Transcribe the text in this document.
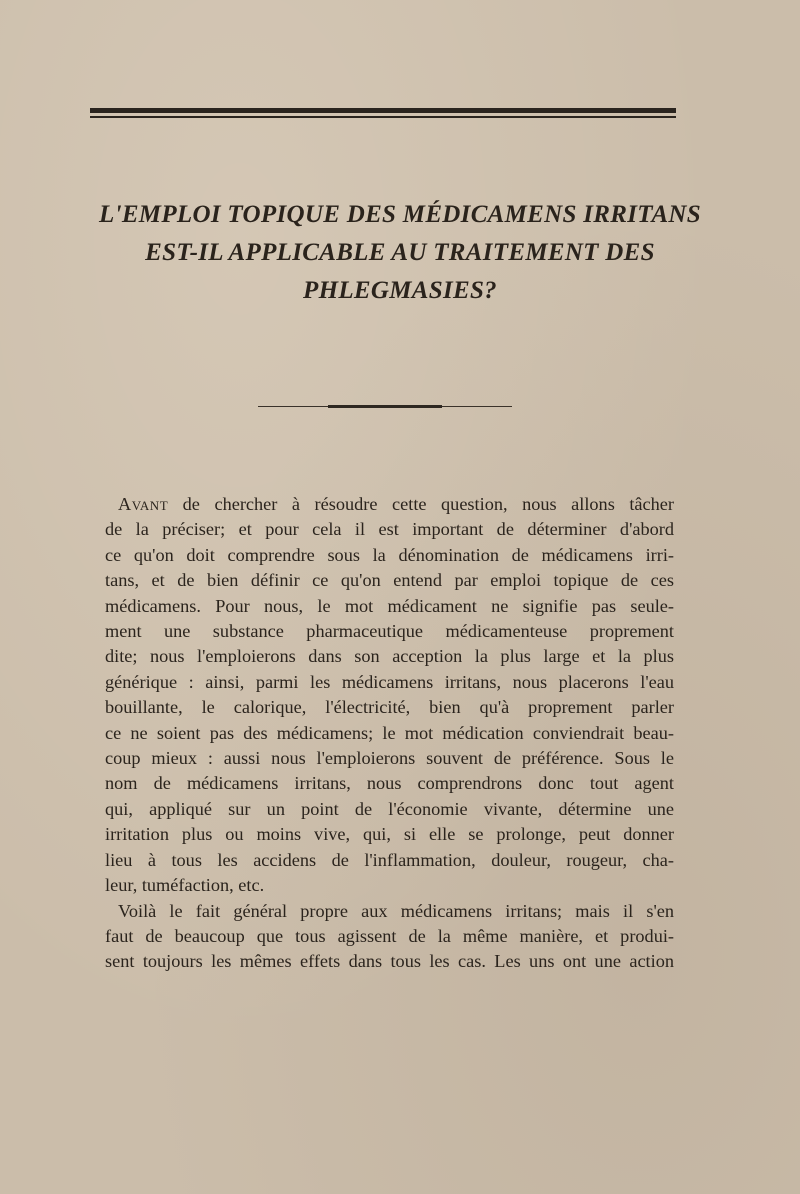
L'EMPLOI TOPIQUE DES MÉDICAMENS IRRITANS
EST-IL APPLICABLE AU TRAITEMENT DES
PHLEGMASIES?
Avant de chercher à résoudre cette question, nous allons tâcher
de la préciser; et pour cela il est important de déterminer d'abord
ce qu'on doit comprendre sous la dénomination de médicamens irri-
tans, et de bien définir ce qu'on entend par emploi topique de ces
médicamens. Pour nous, le mot médicament ne signifie pas seule-
ment une substance pharmaceutique médicamenteuse proprement
dite; nous l'emploierons dans son acception la plus large et la plus
générique : ainsi, parmi les médicamens irritans, nous placerons l'eau
bouillante, le calorique, l'électricité, bien qu'à proprement parler
ce ne soient pas des médicamens; le mot médication conviendrait beau-
coup mieux : aussi nous l'emploierons souvent de préférence. Sous le
nom de médicamens irritans, nous comprendrons donc tout agent
qui, appliqué sur un point de l'économie vivante, détermine une
irritation plus ou moins vive, qui, si elle se prolonge, peut donner
lieu à tous les accidens de l'inflammation, douleur, rougeur, cha-
leur, tuméfaction, etc.
Voilà le fait général propre aux médicamens irritans; mais il s'en
faut de beaucoup que tous agissent de la même manière, et produi-
sent toujours les mêmes effets dans tous les cas. Les uns ont une action
